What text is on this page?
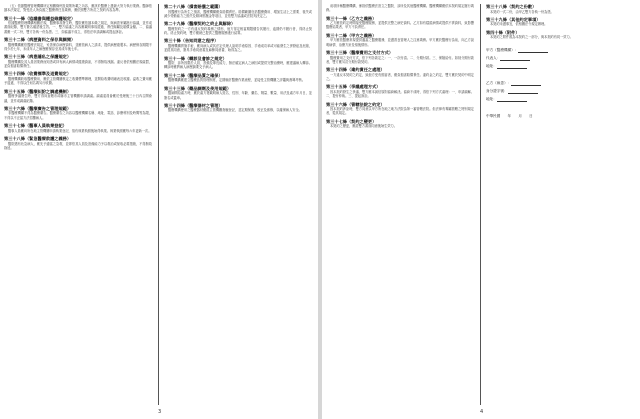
（五）依據醫療管理機構所定相關條例及規則所載之內容，應該於醫療上盡最大努力執行業務。醫師依據本法規定，對受託人所負擔之醫療責任及義務，應依照雙方所訂之契約內容為準。
第三十一條（協議書與權益維護規定）
依據醫療管理機構相關法規，醫療事故發生時，醫院應依據本條之規定，與病患家屬進行協議，並作成書面紀錄，雙方簽名確認後生效。一、雙方協議之內容應載明事故經過、責任歸屬及賠償金額。二、協議書應一式二份，雙方各執一份為憑。三、如協議不成立，得依法申請調解或提起訴訟。
第三十二條（病歷資料之保存與調閱）
醫療機構應依醫療法規定，妥善保存病歷資料，並應依病人之請求，提供病歷複製本。病歷保存期限不得少於七年，未成年人之病歷應保存至其成年後七年。
第三十三條（病患隱私之保護規定）
醫療機構及其人員因業務而知悉或持有病人病情或健康資訊，不得無故洩漏。違反者依相關法規處罰，並負損害賠償責任。
第三十四條（收費標準及退費規定）
醫療機構收取醫療費用，應依主管機關核定之收費標準辦理，並開給收費明細表及收據。溢收之費用應予退還，不得以任何名義另行收費。
第三十五條（醫療糾紛之調處機制）
醫療爭議發生時，雙方得向直轄市或縣市主管機關申請調處。調處委員會應於受理後三十日內召開會議，並作成調處紀錄。
第三十六條（醫療廣告之管理規範）
非醫療機構不得為醫療廣告。醫療廣告之內容以醫療機構名稱、地址、電話、診療科別及時間等為限，不得以不正當方法招攬病人。
第三十七條（醫事人員執業登記）
醫事人員應向所在地主管機關申請執業登記，領有執業執照後始得執業。執業執照應每六年更新一次。
第三十八條（緊急醫療救護之義務）
醫院遇有危急病人，應先予適當之急救，並即依其人員及設備能力予以救治或採取必要措施，不得無故拖延。
第二十八條（損害賠償之範圍）
因醫療行為所生之損害，醫療機構應負賠償責任。賠償範圍包括醫療費用、增加生活上之需要、喪失或減少勞動能力之損失及精神慰撫金等項目，並依雙方協議或法院判決定之。
第二十九條（醫療契約之終止與解除）
醫療契約之一方有違反契約義務之情形，他方得定相當期限催告其履行，逾期仍不履行者，得終止契約。終止契約時，雙方應就已提供之醫療服務進行結算。
第三十條（告知同意之程序）
醫療機構實施手術，應向病人或其法定代理人說明手術原因、手術成功率或可能發生之併發症及危險，並經其同意，簽具手術同意書及麻醉同意書，始得為之。
第三十一條（轉診及會診之規定）
醫院、診所因限於人員、設備及專長能力，無法確定病人之病因或提供完整治療時，應建議病人轉診。轉診時應將病人病歷摘要交予病人。
第三十二條（醫療品質之確保）
醫療機構應建立醫療品質管理制度，定期檢討醫療作業流程，並接受主管機關之評鑑與督導考核。
第三十三條（藥品調劑及使用規範）
醫師開給處方時，應於處方箋載明病人姓名、性別、年齡、藥名、劑量、數量、用法及處方年月日，並簽名或蓋章。
第三十四條（醫療器材之管理）
醫療機構使用之醫療器材應經主管機關查驗登記，並定期保養、校正及維修，以確保病人安全。
3
前項所稱醫療機構，係指依醫療法設立之醫院、診所及其他醫療機構。醫療機構應依本契約規定履行義務。
第三十一條（乙方之義務）
乙方應依約定時間接受醫療服務，並提供完整之病史資料。乙方如有隱匿病情或提供不實資料，致影響醫療結果者，甲方不負責任。
第三十二條（甲方之義務）
甲方應依醫療常規提供適當之醫療服務，並盡善良管理人之注意義務。甲方應於醫療行為前，向乙方說明病情、治療方針及預後情形。
第三十三條（醫療費用之支付方式）
醫療費用之支付方式，依下列各款定之：一、一次付清。二、分期付款。三、保險給付。如採分期付款者，雙方應另訂分期付款契約。
第三十四條（違約責任之處理）
一方違反本契約之約定，致他方受有損害者，應負損害賠償責任。違約金之約定，雙方應於契約中明定之。
第三十五條（爭議處理方式）
因本契約發生之爭議，雙方應本誠信原則協商解決。協商不成時，得依下列方式處理：一、申請調解。二、提付仲裁。三、提起訴訟。
第三十六條（管轄法院之約定）
因本契約涉訟時，雙方同意以甲方所在地之地方法院為第一審管轄法院。但法律有專屬管轄之特別規定者，從其規定。
第三十七條（契約之變更）
本契約之變更，應經雙方書面同意後始生效力。
第三十八條（契約之份數）
本契約一式二份，由甲乙雙方各執一份為憑。
第三十九條（其他約定事項）
本契約未盡事宜，依相關法令規定辦理。
第四十條（附件）
本契約之附件視為本契約之一部分，與本契約有同一效力。
甲方（醫療機構）：
代表人：
地址：
乙方（病患）：
身分證字號：
地址：
中華民國　　年　　月　　日
4
